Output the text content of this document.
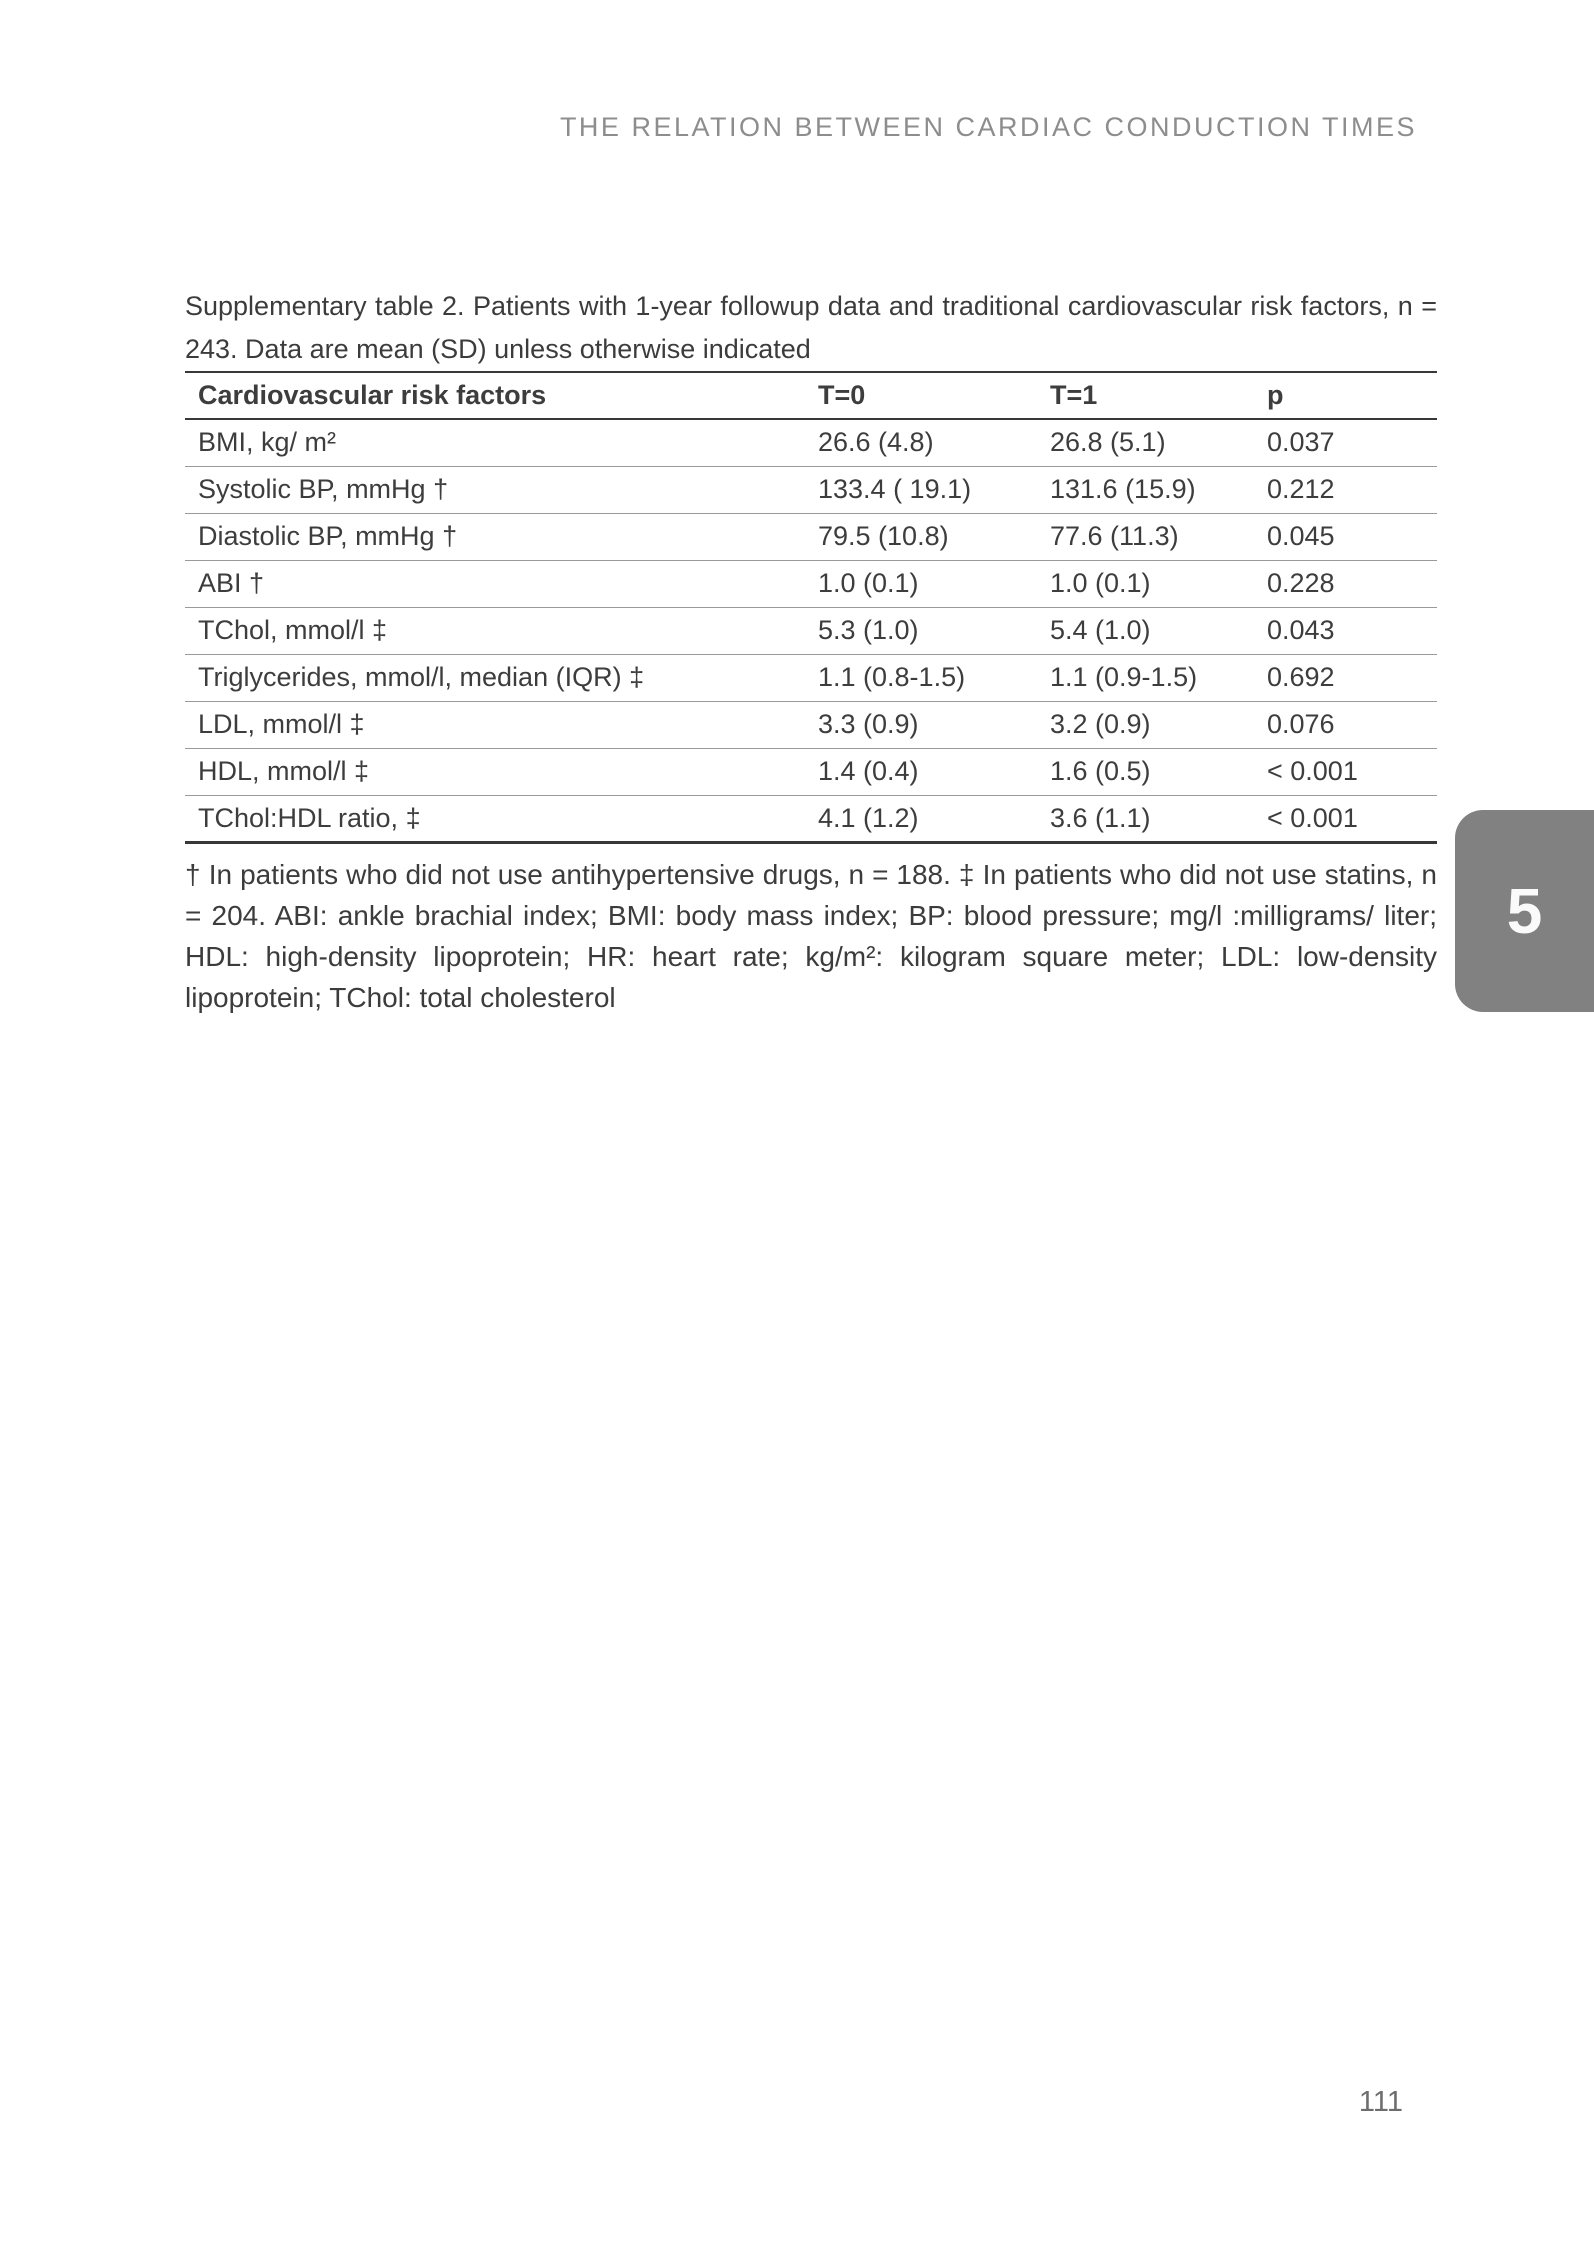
THE RELATION BETWEEN CARDIAC CONDUCTION TIMES

Supplementary table 2. Patients with 1-year followup data and traditional cardiovascular risk factors, n = 243. Data are mean (SD) unless otherwise indicated

Cardiovascular risk factors	T=0	T=1	p
BMI, kg/ m²	26.6 (4.8)	26.8 (5.1)	0.037
Systolic BP, mmHg †	133.4 ( 19.1)	131.6 (15.9)	0.212
Diastolic BP, mmHg †	79.5 (10.8)	77.6 (11.3)	0.045
ABI †	1.0 (0.1)	1.0 (0.1)	0.228
TChol, mmol/l ‡	5.3 (1.0)	5.4 (1.0)	0.043
Triglycerides, mmol/l, median (IQR) ‡	1.1 (0.8-1.5)	1.1 (0.9-1.5)	0.692
LDL, mmol/l ‡	3.3 (0.9)	3.2 (0.9)	0.076
HDL, mmol/l ‡	1.4 (0.4)	1.6 (0.5)	< 0.001
TChol:HDL ratio, ‡	4.1 (1.2)	3.6 (1.1)	< 0.001

† In patients who did not use antihypertensive drugs, n = 188. ‡ In patients who did not use statins, n = 204. ABI: ankle brachial index; BMI: body mass index; BP: blood pressure; mg/l :milligrams/ liter; HDL: high-density lipoprotein; HR: heart rate; kg/m²: kilogram square meter; LDL: low-density lipoprotein; TChol: total cholesterol

5
111
